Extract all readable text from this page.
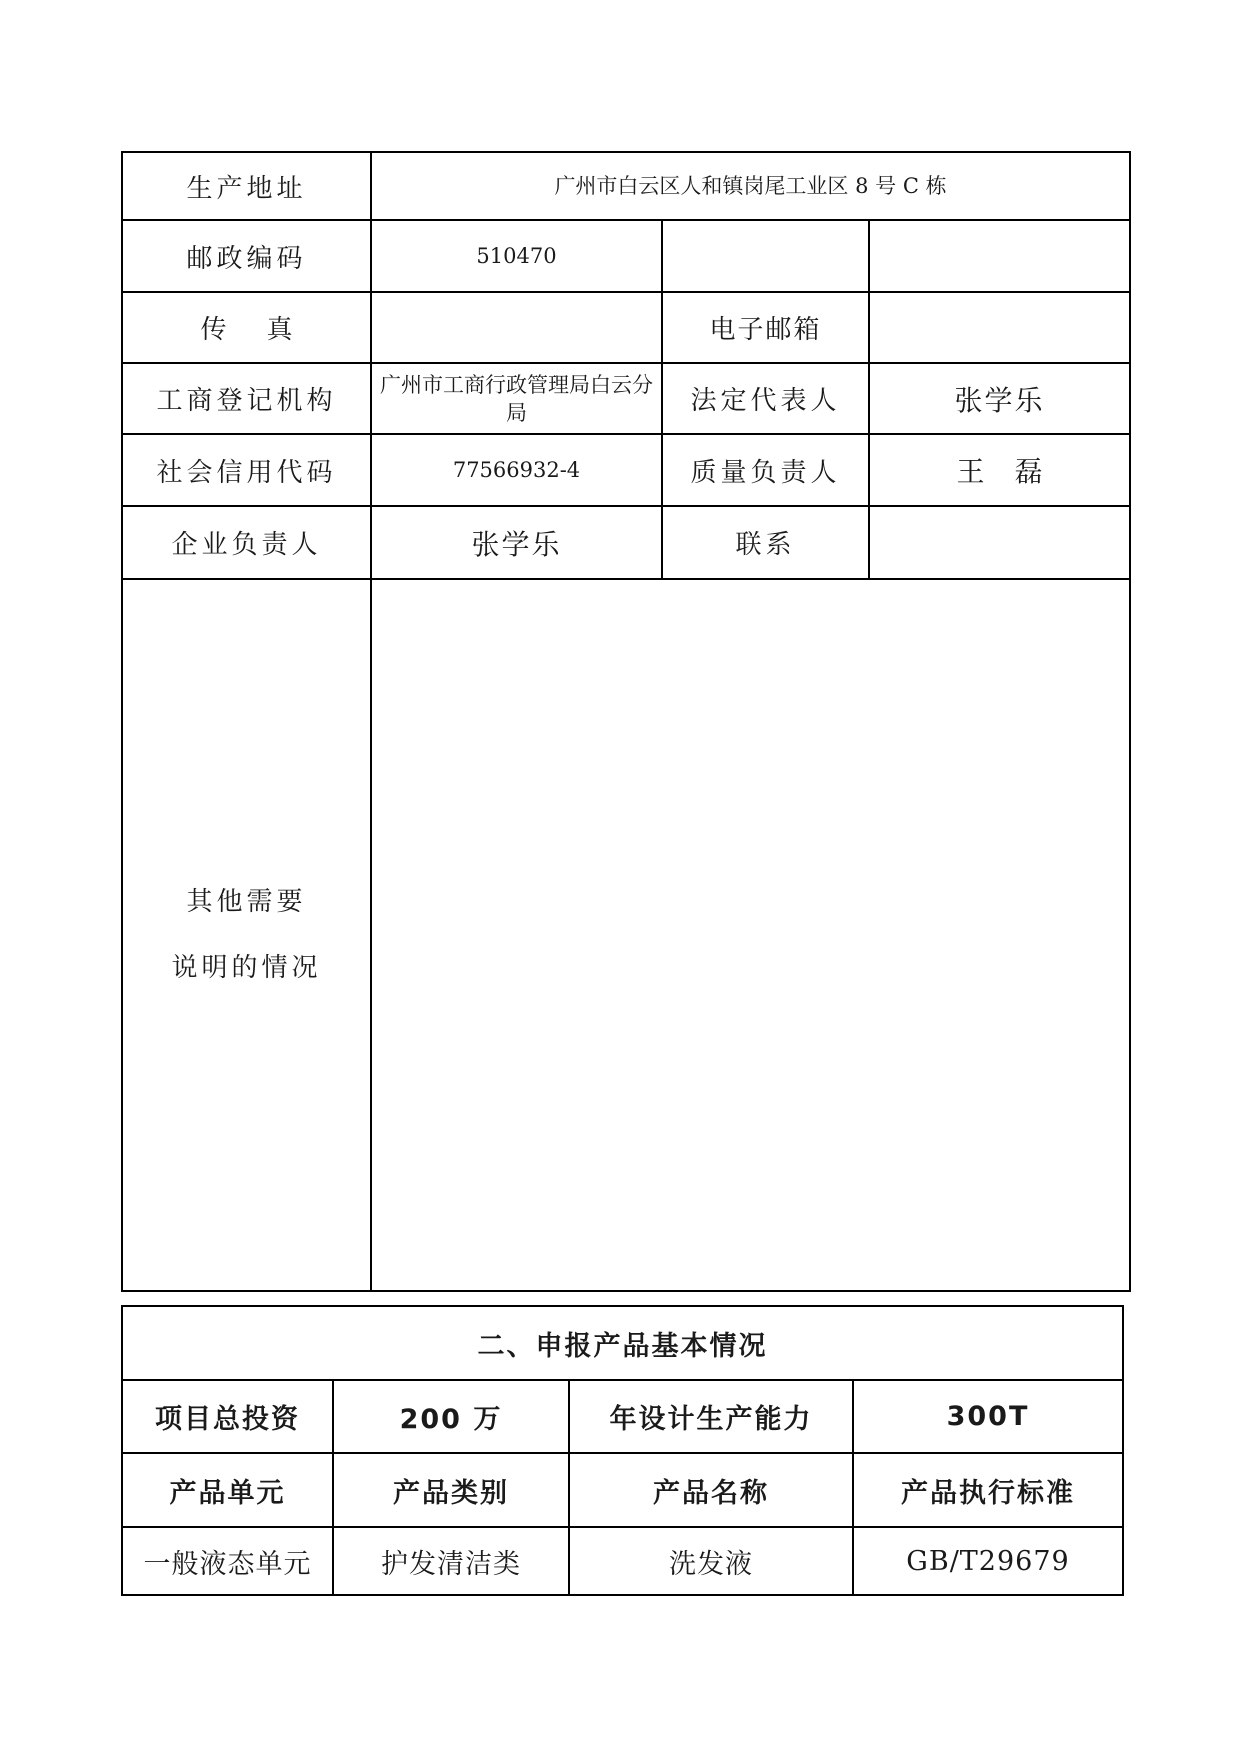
生产地址	广州市白云区人和镇岗尾工业区 8 号 C 栋		
邮政编码	510470		
传真		电子邮箱	
工商登记机构	广州市工商行政管理局白云分局	法定代表人	张学乐
社会信用代码	77566932-4	质量负责人	王磊
企业负责人	张学乐	联系	

其他需要
说明的情况			

二、申报产品基本情况			
项目总投资	200 万	年设计生产能力	300T
产品单元	产品类别	产品名称	产品执行标准
一般液态单元	护发清洁类	洗发液	GB/T29679
